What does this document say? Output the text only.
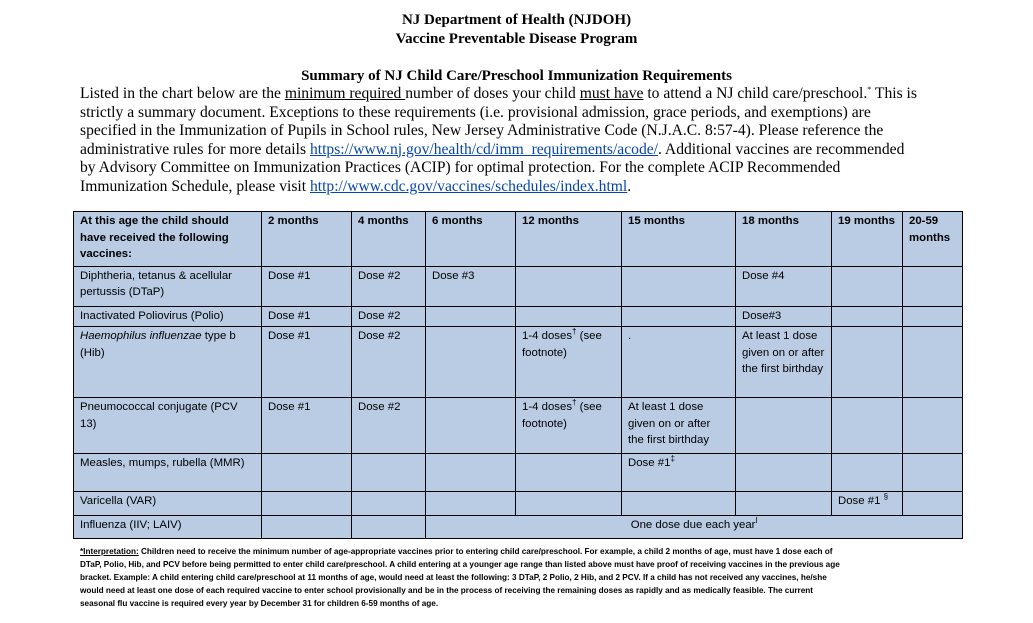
NJ Department of Health (NJDOH)
Vaccine Preventable Disease Program
Summary of NJ Child Care/Preschool Immunization Requirements
Listed in the chart below are the minimum required number of doses your child must have to attend a NJ child care/preschool.* This is
strictly a summary document. Exceptions to these requirements (i.e. provisional admission, grace periods, and exemptions) are
specified in the Immunization of Pupils in School rules, New Jersey Administrative Code (N.J.A.C. 8:57-4). Please reference the
administrative rules for more details https://www.nj.gov/health/cd/imm_requirements/acode/. Additional vaccines are recommended
by Advisory Committee on Immunization Practices (ACIP) for optimal protection. For the complete ACIP Recommended
Immunization Schedule, please visit http://www.cdc.gov/vaccines/schedules/index.html.
At this age the child should have received the following vaccines:	2 months	4 months	6 months	12 months	15 months	18 months	19 months	20-59 months
Diphtheria, tetanus & acellular pertussis (DTaP)	Dose #1	Dose #2	Dose #3			Dose #4		
Inactivated Poliovirus (Polio)	Dose #1	Dose #2				Dose#3		
Haemophilus influenzae type b (Hib)	Dose #1	Dose #2		1-4 doses† (see footnote)	.	At least 1 dose given on or after the first birthday		
Pneumococcal conjugate (PCV 13)	Dose #1	Dose #2		1-4 doses† (see footnote)	At least 1 dose given on or after the first birthday			
Measles, mumps, rubella (MMR)					Dose #1‡			
Varicella (VAR)							Dose #1 §	
Influenza (IIV; LAIV)			One dose due each year$^l$
*Interpretation: Children need to receive the minimum number of age-appropriate vaccines prior to entering child care/preschool. For example, a child 2 months of age, must have 1 dose each of
DTaP, Polio, Hib, and PCV before being permitted to enter child care/preschool. A child entering at a younger age range than listed above must have proof of receiving vaccines in the previous age
bracket. Example: A child entering child care/preschool at 11 months of age, would need at least the following: 3 DTaP, 2 Polio, 2 Hib, and 2 PCV. If a child has not received any vaccines, he/she
would need at least one dose of each required vaccine to enter school provisionally and be in the process of receiving the remaining doses as rapidly and as medically feasible. The current
seasonal flu vaccine is required every year by December 31 for children 6-59 months of age.
